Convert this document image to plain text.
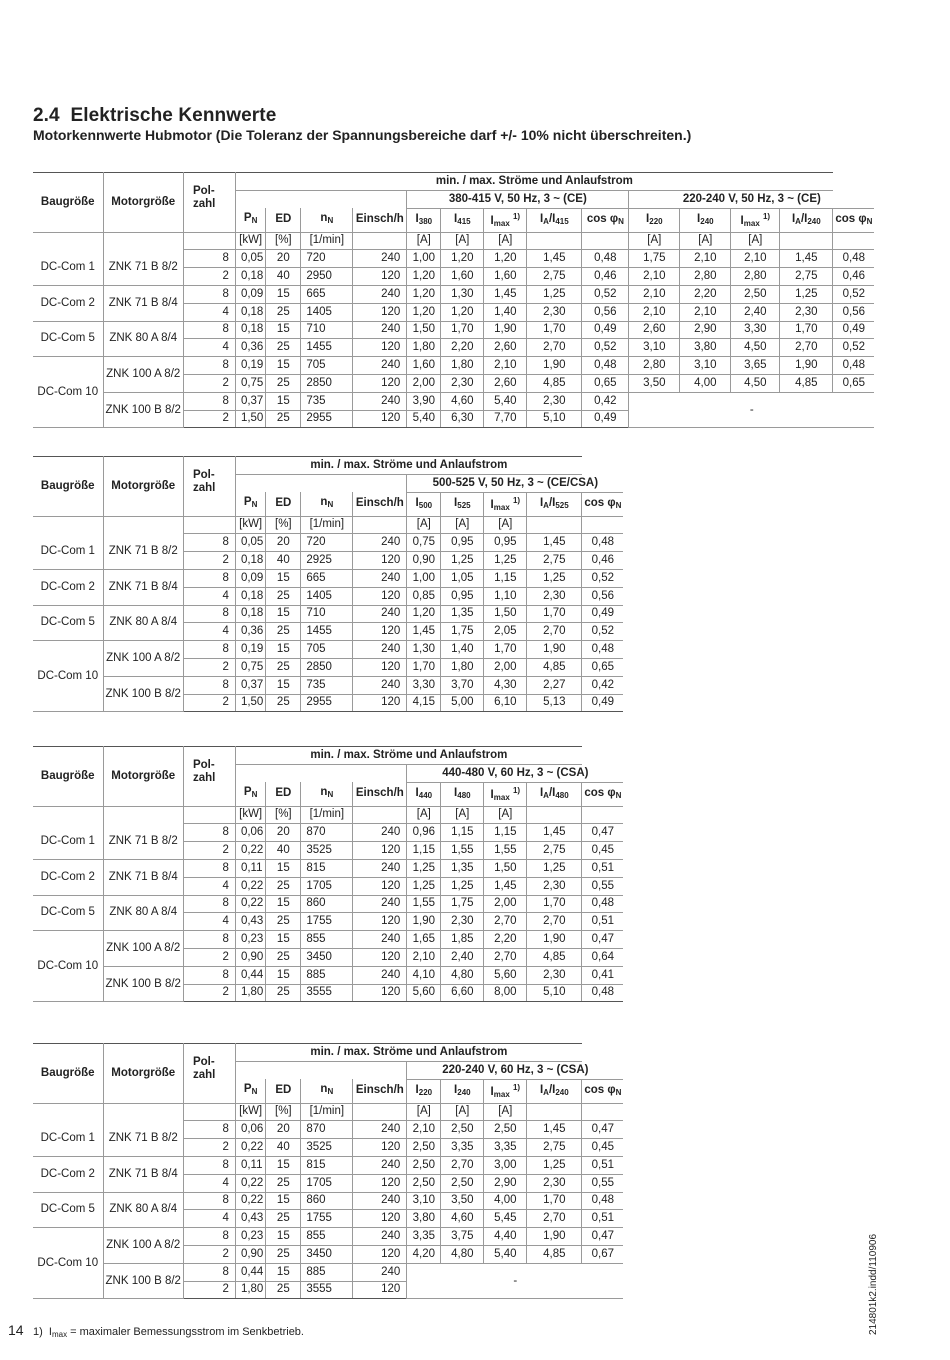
2.4 Elektrische Kennwerte
Motorkennwerte Hubmotor (Die Toleranz der Spannungsbereiche darf +/- 10% nicht überschreiten.)
Baugröße	Motorgröße	Pol-
zahl	min. / max. Ströme und Anlaufstrom													
							380-415 V, 50 Hz, 3 ~ (CE)					220-240 V, 50 Hz, 3 ~ (CE)				
			$P_N$	ED	$n_N$	Einsch/h	$I_{380}$	$I_{415}$	$I_{max}$ $^{1)}$	$I_A/I_{415}$	$\cos \varphi_N$	$I_{220}$	$I_{240}$	$I_{max}$ $^{1)}$	$I_A/I_{240}$	$\cos \varphi_N$
			[kW]	[%]	[1/min]		[A]	[A]	[A]			[A]	[A]	[A]		
DC-Com 1	ZNK 71 B 8/2	8	0,05	20	720	240	1,00	1,20	1,20	1,45	0,48	1,75	2,10	2,10	1,45	0,48
		2	0,18	40	2950	120	1,20	1,60	1,60	2,75	0,46	2,10	2,80	2,80	2,75	0,46
DC-Com 2	ZNK 71 B 8/4	8	0,09	15	665	240	1,20	1,30	1,45	1,25	0,52	2,10	2,20	2,50	1,25	0,52
		4	0,18	25	1405	120	1,20	1,20	1,40	2,30	0,56	2,10	2,10	2,40	2,30	0,56
DC-Com 5	ZNK 80 A 8/4	8	0,18	15	710	240	1,50	1,70	1,90	1,70	0,49	2,60	2,90	3,30	1,70	0,49
		4	0,36	25	1455	120	1,80	2,20	2,60	2,70	0,52	3,10	3,80	4,50	2,70	0,52
DC-Com 10	ZNK 100 A 8/2	8	0,19	15	705	240	1,60	1,80	2,10	1,90	0,48	2,80	3,10	3,65	1,90	0,48
		2	0,75	25	2850	120	2,00	2,30	2,60	4,85	0,65	3,50	4,00	4,50	4,85	0,65
	ZNK 100 B 8/2	8	0,37	15	735	240	3,90	4,60	5,40	2,30	0,42	-				
		2	1,50	25	2955	120	5,40	6,30	7,70	5,10	0,49					
Baugröße	Motorgröße	Pol-
zahl	min. / max. Ströme und Anlaufstrom								
							500-525 V, 50 Hz, 3 ~ (CE/CSA)				
			$P_N$	ED	$n_N$	Einsch/h	$I_{500}$	$I_{525}$	$I_{max}$ $^{1)}$	$I_A/I_{525}$	$\cos \varphi_N$
			[kW]	[%]	[1/min]		[A]	[A]	[A]		
DC-Com 1	ZNK 71 B 8/2	8	0,05	20	720	240	0,75	0,95	0,95	1,45	0,48
		2	0,18	40	2925	120	0,90	1,25	1,25	2,75	0,46
DC-Com 2	ZNK 71 B 8/4	8	0,09	15	665	240	1,00	1,05	1,15	1,25	0,52
		4	0,18	25	1405	120	0,85	0,95	1,10	2,30	0,56
DC-Com 5	ZNK 80 A 8/4	8	0,18	15	710	240	1,20	1,35	1,50	1,70	0,49
		4	0,36	25	1455	120	1,45	1,75	2,05	2,70	0,52
DC-Com 10	ZNK 100 A 8/2	8	0,19	15	705	240	1,30	1,40	1,70	1,90	0,48
		2	0,75	25	2850	120	1,70	1,80	2,00	4,85	0,65
	ZNK 100 B 8/2	8	0,37	15	735	240	3,30	3,70	4,30	2,27	0,42
		2	1,50	25	2955	120	4,15	5,00	6,10	5,13	0,49
Baugröße	Motorgröße	Pol-
zahl	min. / max. Ströme und Anlaufstrom								
							440-480 V, 60 Hz, 3 ~ (CSA)				
			$P_N$	ED	$n_N$	Einsch/h	$I_{440}$	$I_{480}$	$I_{max}$ $^{1)}$	$I_A/I_{480}$	$\cos \varphi_N$
			[kW]	[%]	[1/min]		[A]	[A]	[A]		
DC-Com 1	ZNK 71 B 8/2	8	0,06	20	870	240	0,96	1,15	1,15	1,45	0,47
		2	0,22	40	3525	120	1,15	1,55	1,55	2,75	0,45
DC-Com 2	ZNK 71 B 8/4	8	0,11	15	815	240	1,25	1,35	1,50	1,25	0,51
		4	0,22	25	1705	120	1,25	1,25	1,45	2,30	0,55
DC-Com 5	ZNK 80 A 8/4	8	0,22	15	860	240	1,55	1,75	2,00	1,70	0,48
		4	0,43	25	1755	120	1,90	2,30	2,70	2,70	0,51
DC-Com 10	ZNK 100 A 8/2	8	0,23	15	855	240	1,65	1,85	2,20	1,90	0,47
		2	0,90	25	3450	120	2,10	2,40	2,70	4,85	0,64
	ZNK 100 B 8/2	8	0,44	15	885	240	4,10	4,80	5,60	2,30	0,41
		2	1,80	25	3555	120	5,60	6,60	8,00	5,10	0,48
Baugröße	Motorgröße	Pol-
zahl	min. / max. Ströme und Anlaufstrom								
							220-240 V, 60 Hz, 3 ~ (CSA)				
			$P_N$	ED	$n_N$	Einsch/h	$I_{220}$	$I_{240}$	$I_{max}$ $^{1)}$	$I_A/I_{240}$	$\cos \varphi_N$
			[kW]	[%]	[1/min]		[A]	[A]	[A]		
DC-Com 1	ZNK 71 B 8/2	8	0,06	20	870	240	2,10	2,50	2,50	1,45	0,47
		2	0,22	40	3525	120	2,50	3,35	3,35	2,75	0,45
DC-Com 2	ZNK 71 B 8/4	8	0,11	15	815	240	2,50	2,70	3,00	1,25	0,51
		4	0,22	25	1705	120	2,50	2,50	2,90	2,30	0,55
DC-Com 5	ZNK 80 A 8/4	8	0,22	15	860	240	3,10	3,50	4,00	1,70	0,48
		4	0,43	25	1755	120	3,80	4,60	5,45	2,70	0,51
DC-Com 10	ZNK 100 A 8/2	8	0,23	15	855	240	3,35	3,75	4,40	1,90	0,47
		2	0,90	25	3450	120	4,20	4,80	5,40	4,85	0,67
	ZNK 100 B 8/2	8	0,44	15	885	240	-				
		2	1,80	25	3555	120					
14 1) $I_{max}$ = maximaler Bemessungsstrom im Senkbetrieb.	214801k2.indd/110906
